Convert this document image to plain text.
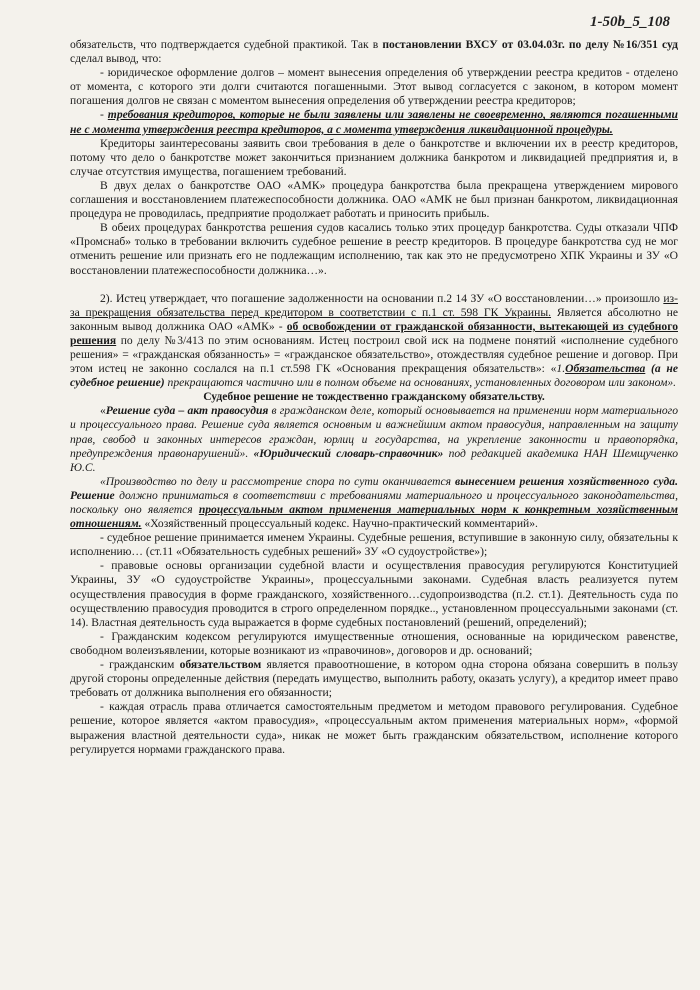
1-50b_5_108

обязательств, что подтверждается судебной практикой. Так в постановлении ВХСУ от 03.04.03г. по делу №16/351 суд сделал вывод, что:

- юридическое оформление долгов – момент вынесения определения об утверждении реестра кредитов - отделено от момента, с которого эти долги считаются погашенными. Этот вывод согласуется с законом, в котором момент погашения долгов не связан с моментом вынесения определения об утверждении реестра кредиторов;

- требования кредиторов, которые не были заявлены или заявлены не своевременно, являются погашенными не с момента утверждения реестра кредиторов, а с момента утверждения ликвидационной процедуры.

Кредиторы заинтересованы заявить свои требования в деле о банкротстве и включении их в реестр кредиторов, потому что дело о банкротстве может закончиться признанием должника банкротом и ликвидацией предприятия и, в случае отсутствия имущества, погашением требований.

В двух делах о банкротстве ОАО «АМК» процедура банкротства была прекращена утверждением мирового соглашения и восстановлением платежеспособности должника. ОАО «АМК не был признан банкротом, ликвидационная процедура не проводилась, предприятие продолжает работать и приносить прибыль.

В обеих процедурах банкротства решения судов касались только этих процедур банкротства. Суды отказали ЧПФ «Промснаб» только в требовании включить судебное решение в реестр кредиторов. В процедуре банкротства суд не мог отменить решение или признать его не подлежащим исполнению, так как это не предусмотрено ХПК Украины и ЗУ «О восстановлении платежеспособности должника…».

2). Истец утверждает, что погашение задолженности на основании п.2 14 ЗУ «О восстановлении…» произошло из-за прекращения обязательства перед кредитором в соответствии с п.1 ст. 598 ГК Украины. Является абсолютно не законным вывод должника ОАО «АМК» - об освобождении от гражданской обязанности, вытекающей из судебного решения по делу №3/413 по этим основаниям. Истец построил свой иск на подмене понятий «исполнение судебного решения» = «гражданская обязанность» = «гражданское обязательство», отождествляя судебное решение и договор. При этом истец не законно сослался на п.1 ст.598 ГК «Основания прекращения обязательств»: «1.Обязательства (а не судебное решение) прекращаются частично или в полном объеме на основаниях, установленных договором или законом».

Судебное решение не тождественно гражданскому обязательству.

«Решение суда – акт правосудия в гражданском деле, который основывается на применении норм материального и процессуального права. Решение суда является основным и важнейшим актом правосудия, направленным на защиту прав, свобод и законных интересов граждан, юрлиц и государства, на укрепление законности и правопорядка, предупреждения правонарушений». «Юридический словарь-справочник» под редакцией академика НАН Шемщученко Ю.С.

«Производство по делу и рассмотрение спора по сути оканчивается вынесением решения хозяйственного суда. Решение должно приниматься в соответствии с требованиями материального и процессуального законодательства, поскольку оно является процессуальным актом применения материальных норм к конкретным хозяйственным отношениям. «Хозяйственный процессуальный кодекс. Научно-практический комментарий».

- судебное решение принимается именем Украины. Судебные решения, вступившие в законную силу, обязательны к исполнению… (ст.11 «Обязательность судебных решений» ЗУ «О судоустройстве»);

- правовые основы организации судебной власти и осуществления правосудия регулируются Конституцией Украины, ЗУ «О судоустройстве Украины», процессуальными законами. Судебная власть реализуется путем осуществления правосудия в форме гражданского, хозяйственного…судопроизводства (п.2. ст.1). Деятельность суда по осуществлению правосудия проводится в строго определенном порядке.., установленном процессуальными законами (ст. 14). Властная деятельность суда выражается в форме судебных постановлений (решений, определений);

- Гражданским кодексом регулируются имущественные отношения, основанные на юридическом равенстве, свободном волеизъявлении, которые возникают из «правочинов», договоров и др. оснований;

- гражданским обязательством является правоотношение, в котором одна сторона обязана совершить в пользу другой стороны определенные действия (передать имущество, выполнить работу, оказать услугу), а кредитор имеет право требовать от должника выполнения его обязанности;

- каждая отрасль права отличается самостоятельным предметом и методом правового регулирования. Судебное решение, которое является «актом правосудия», «процессуальным актом применения материальных норм», «формой выражения властной деятельности суда», никак не может быть гражданским обязательством, исполнение которого регулируется нормами гражданского права.
